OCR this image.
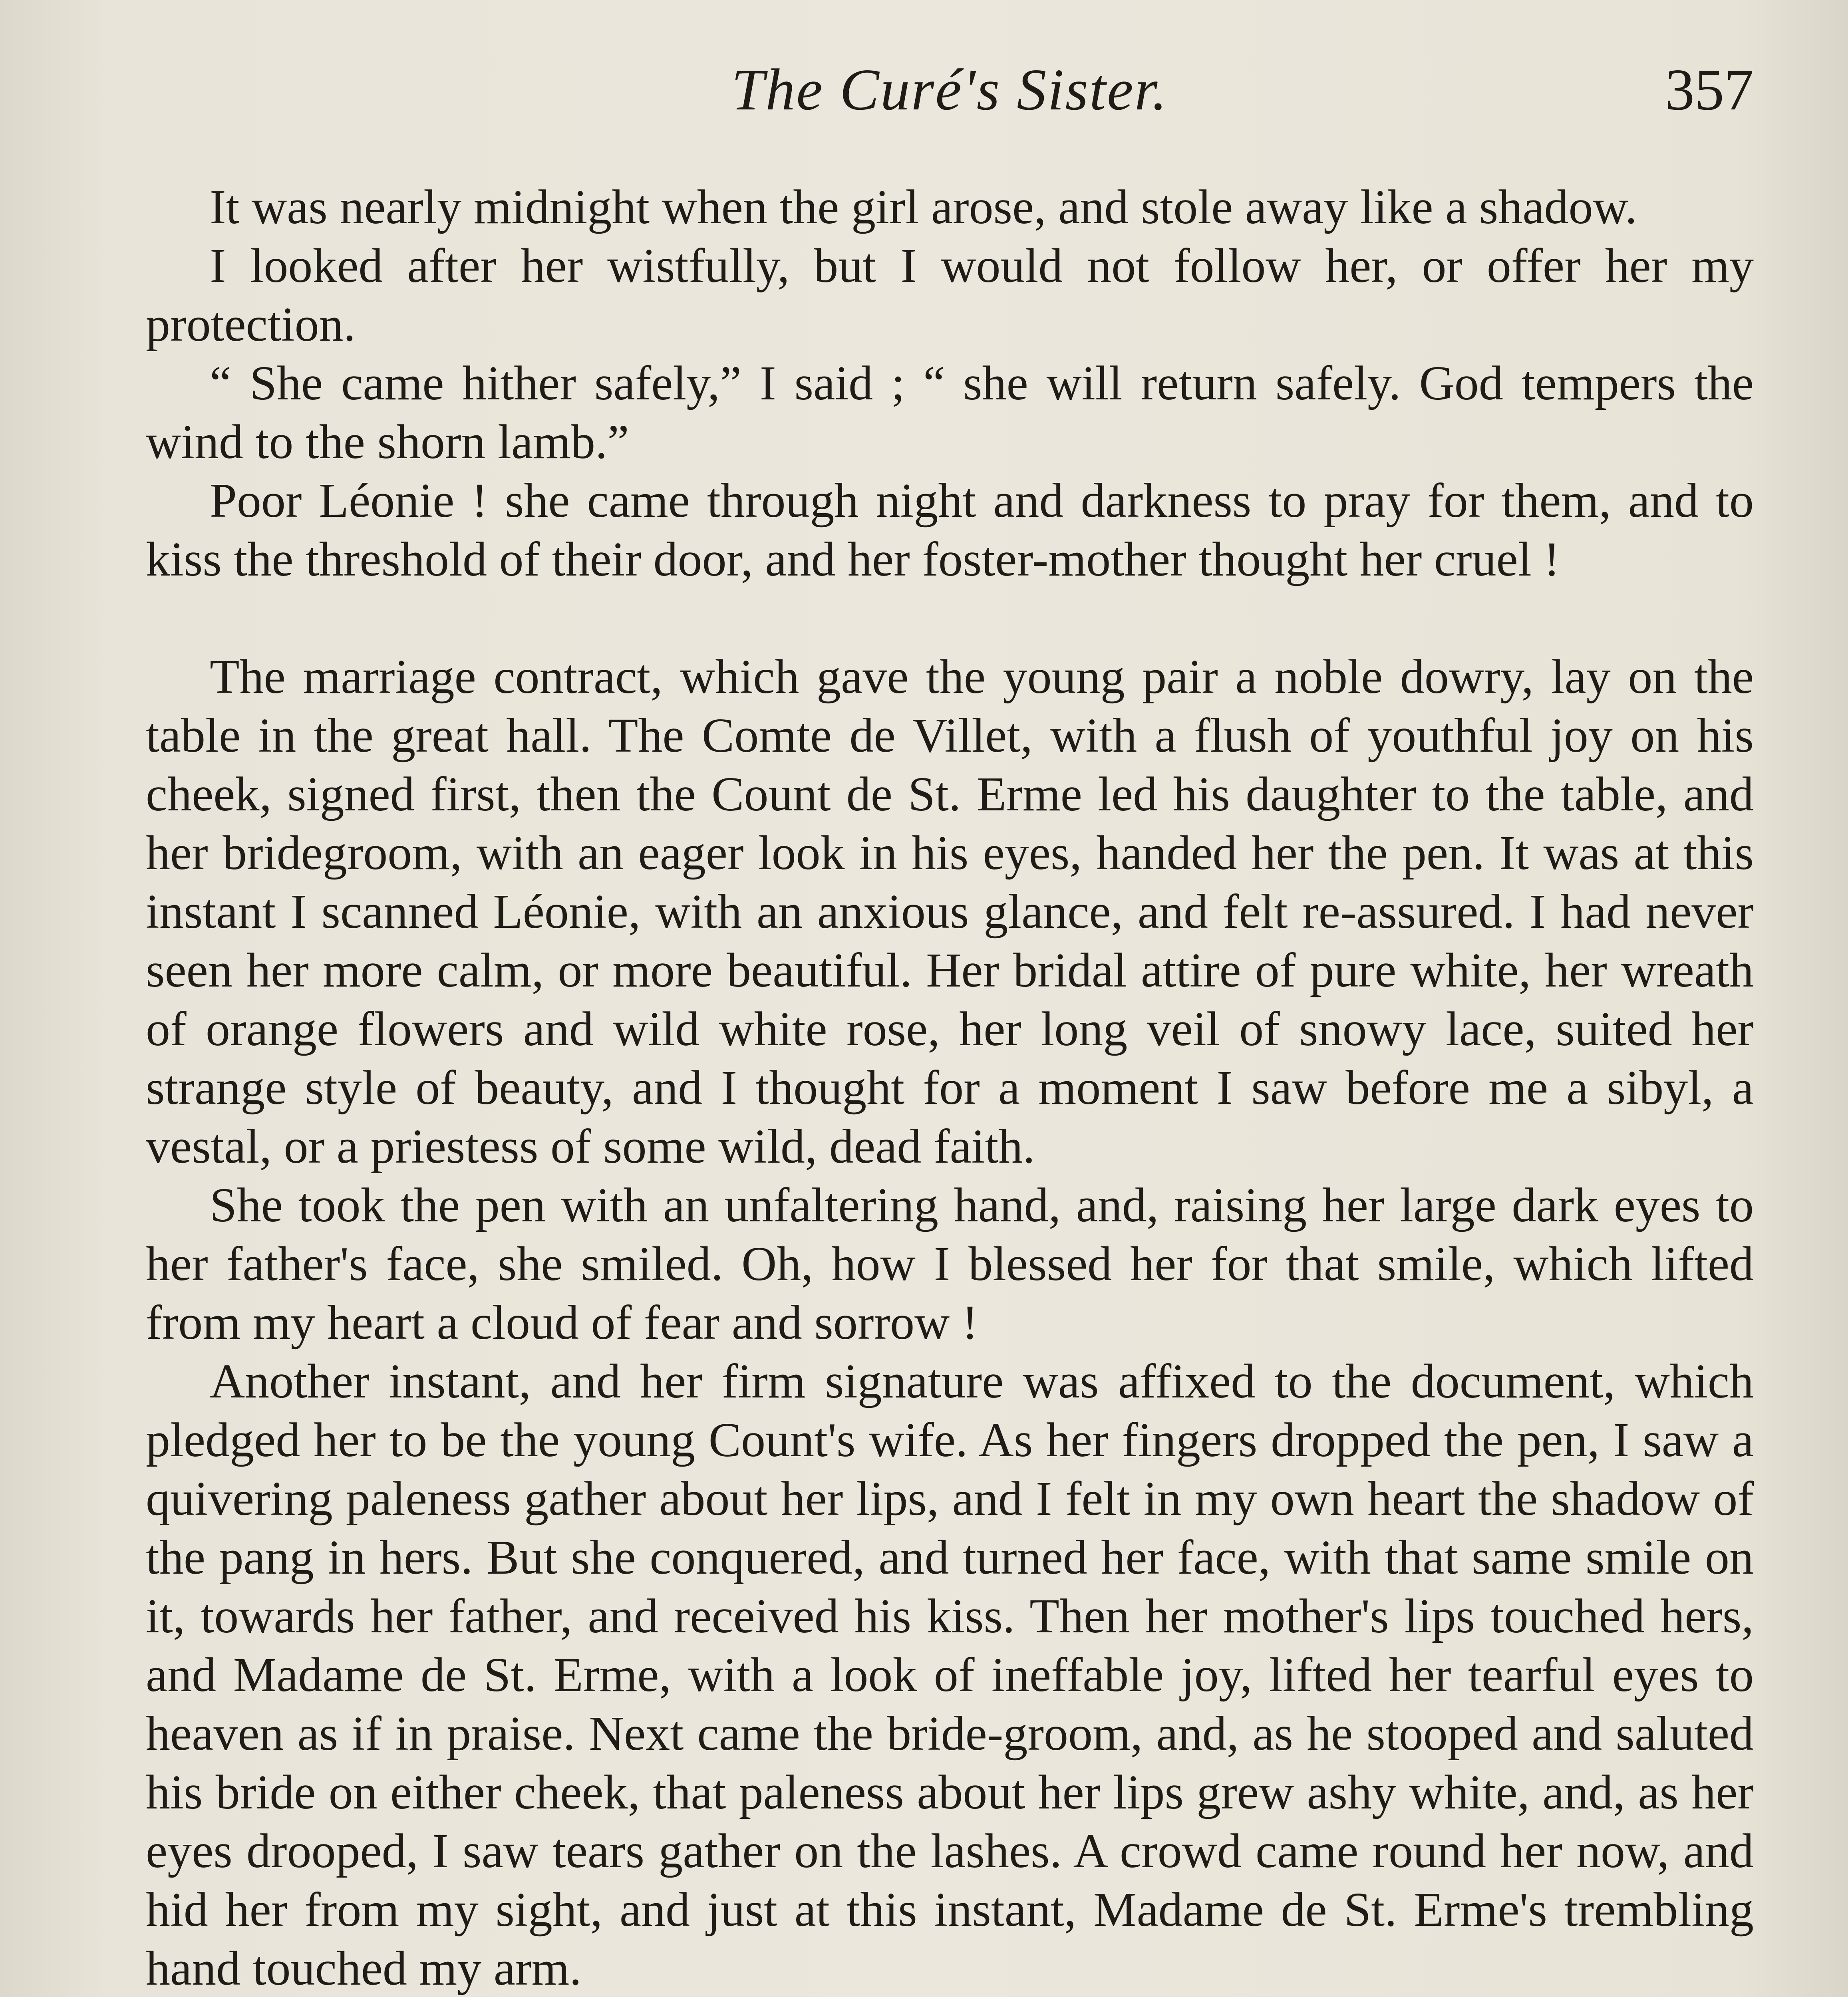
The Curé's Sister.	357

It was nearly midnight when the girl arose, and stole away like a shadow.

I looked after her wistfully, but I would not follow her, or offer her my protection.

“ She came hither safely,” I said ; “ she will return safely. God tempers the wind to the shorn lamb.”

Poor Léonie ! she came through night and darkness to pray for them, and to kiss the threshold of their door, and her foster-mother thought her cruel !

The marriage contract, which gave the young pair a noble dowry, lay on the table in the great hall. The Comte de Villet, with a flush of youthful joy on his cheek, signed first, then the Count de St. Erme led his daughter to the table, and her bridegroom, with an eager look in his eyes, handed her the pen. It was at this instant I scanned Léonie, with an anxious glance, and felt re-assured. I had never seen her more calm, or more beautiful. Her bridal attire of pure white, her wreath of orange flowers and wild white rose, her long veil of snowy lace, suited her strange style of beauty, and I thought for a moment I saw before me a sibyl, a vestal, or a priestess of some wild, dead faith.

She took the pen with an unfaltering hand, and, raising her large dark eyes to her father's face, she smiled. Oh, how I blessed her for that smile, which lifted from my heart a cloud of fear and sorrow !

Another instant, and her firm signature was affixed to the document, which pledged her to be the young Count's wife. As her fingers dropped the pen, I saw a quivering paleness gather about her lips, and I felt in my own heart the shadow of the pang in hers. But she conquered, and turned her face, with that same smile on it, towards her father, and received his kiss. Then her mother's lips touched hers, and Madame de St. Erme, with a look of ineffable joy, lifted her tearful eyes to heaven as if in praise. Next came the bride-groom, and, as he stooped and saluted his bride on either cheek, that paleness about her lips grew ashy white, and, as her eyes drooped, I saw tears gather on the lashes. A crowd came round her now, and hid her from my sight, and just at this instant, Madame de St. Erme's trembling hand touched my arm.
